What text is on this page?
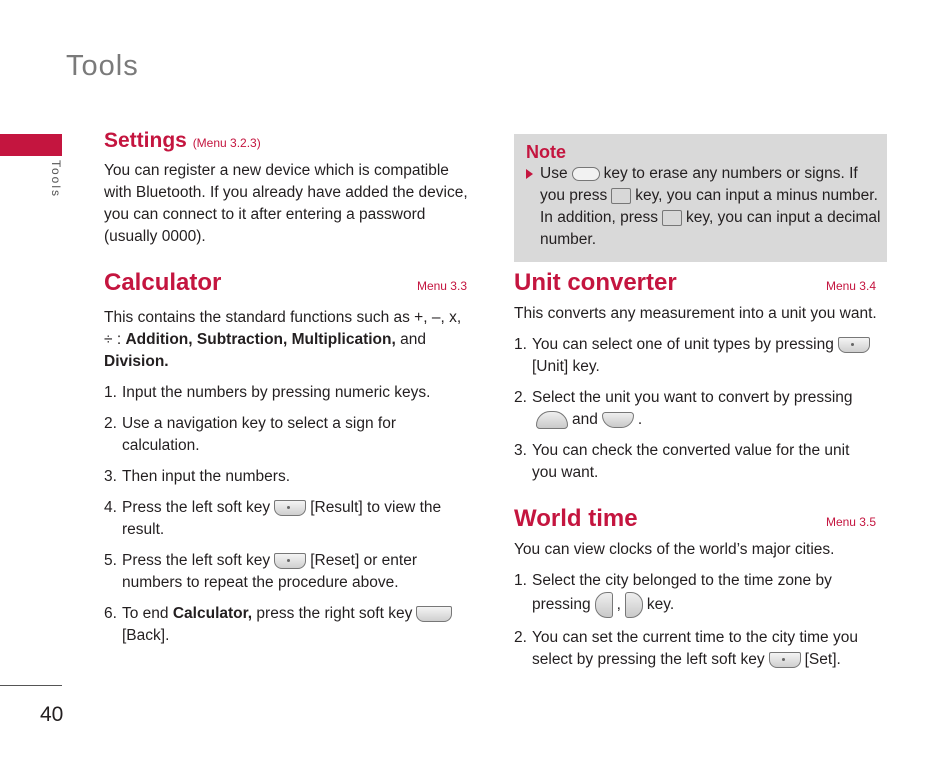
Tools
Tools
40
Settings (Menu 3.2.3)

You can register a new device which is compatible with Bluetooth. If you already have added the device, you can connect to it after entering a password (usually 0000).

Calculator	Menu 3.3

This contains the standard functions such as +, –, x, ÷ : Addition, Subtraction, Multiplication, and Division.

1. Input the numbers by pressing numeric keys.
2. Use a navigation key to select a sign for calculation.
3. Then input the numbers.
4. Press the left soft key	[Result] to view the result.
5. Press the left soft key	[Reset] or enter numbers to repeat the procedure above.
6. To end Calculator, press the right soft key[Back].
Note
Use key to erase any numbers or signs. If you press key, you can input a minus number. In addition, press key, you can input a decimal number.
Unit converter	Menu 3.4

This converts any measurement into a unit you want.

1. You can select one of unit types by pressing[Unit] key.
2. Select the unit you want to convert by pressingand	.
3. You can check the converted value for the unit you want.
World time	Menu 3.5

You can view clocks of the world’s major cities.

1. Select the city belonged to the time zone by pressing , key.
2. You can set the current time to the city time you select by pressing the left soft key	[Set].
